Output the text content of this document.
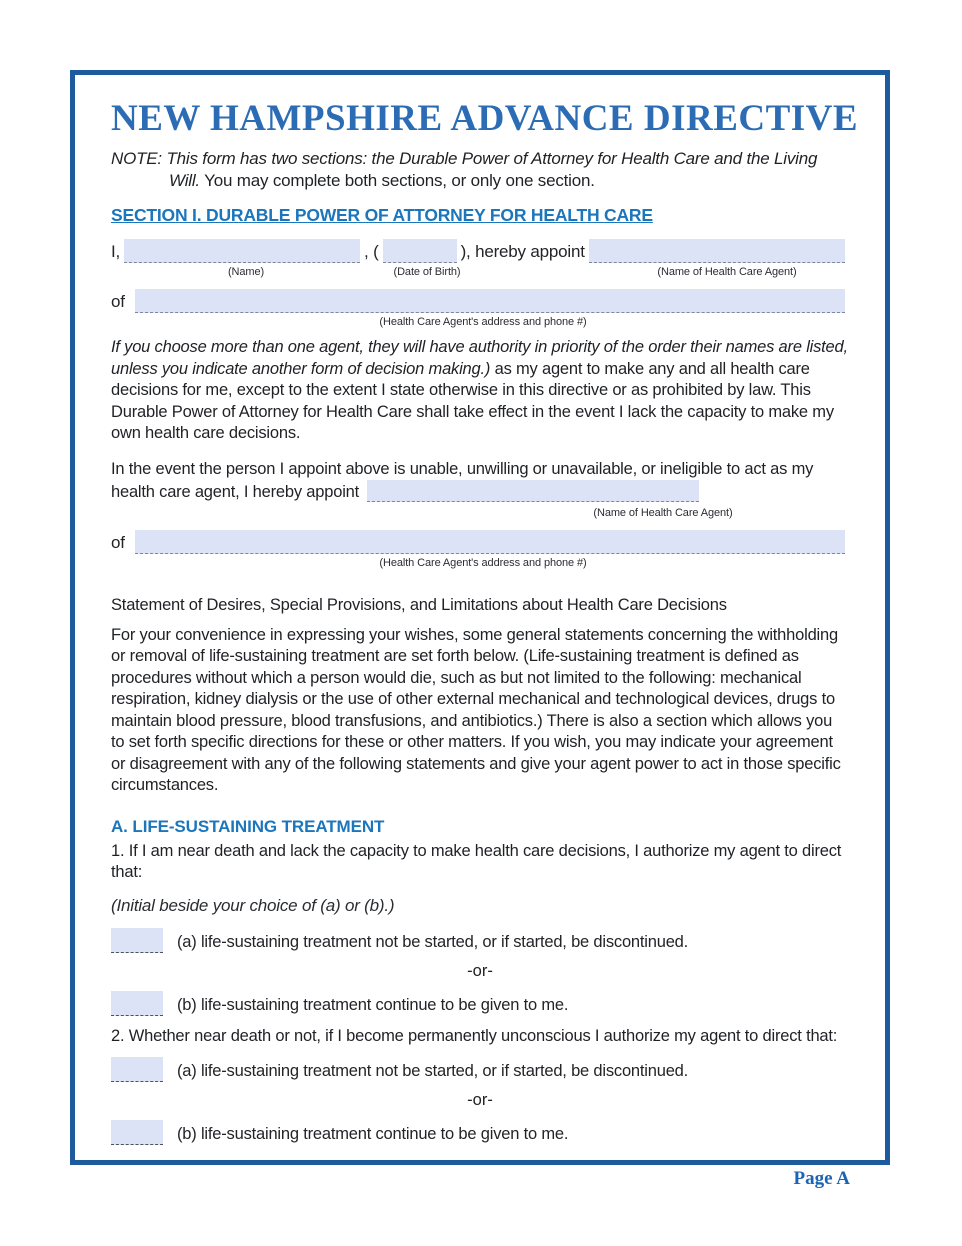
NEW HAMPSHIRE ADVANCE DIRECTIVE

NOTE: This form has two sections: the Durable Power of Attorney for Health Care and the Living Will. You may complete both sections, or only one section.

SECTION I. DURABLE POWER OF ATTORNEY FOR HEALTH CARE
I,	, (	), hereby appoint
(Name)	(Date of Birth)	(Name of Health Care Agent)
of
(Health Care Agent's address and phone #)

If you choose more than one agent, they will have authority in priority of the order their names are listed, unless you indicate another form of decision making.) as my agent to make any and all health care decisions for me, except to the extent I state otherwise in this directive or as prohibited by law. This Durable Power of Attorney for Health Care shall take effect in the event I lack the capacity to make my own health care decisions.

In the event the person I appoint above is unable, unwilling or unavailable, or ineligible to act as my health care agent, I hereby appoint

(Name of Health Care Agent)
of
(Health Care Agent's address and phone #)

Statement of Desires, Special Provisions, and Limitations about Health Care Decisions

For your convenience in expressing your wishes, some general statements concerning the withholding or removal of life-sustaining treatment are set forth below. (Life-sustaining treatment is defined as procedures without which a person would die, such as but not limited to the following: mechanical respiration, kidney dialysis or the use of other external mechanical and technological devices, drugs to maintain blood pressure, blood transfusions, and antibiotics.) There is also a section which allows you to set forth specific directions for these or other matters. If you wish, you may indicate your agreement or disagreement with any of the following statements and give your agent power to act in those specific circumstances.

A. LIFE-SUSTAINING TREATMENT

1. If I am near death and lack the capacity to make health care decisions, I authorize my agent to direct that:

(Initial beside your choice of (a) or (b).)

(a) life-sustaining treatment not be started, or if started, be discontinued.
-or-
(b) life-sustaining treatment continue to be given to me.

2. Whether near death or not, if I become permanently unconscious I authorize my agent to direct that:

(a) life-sustaining treatment not be started, or if started, be discontinued.
-or-
(b) life-sustaining treatment continue to be given to me.
Page A
